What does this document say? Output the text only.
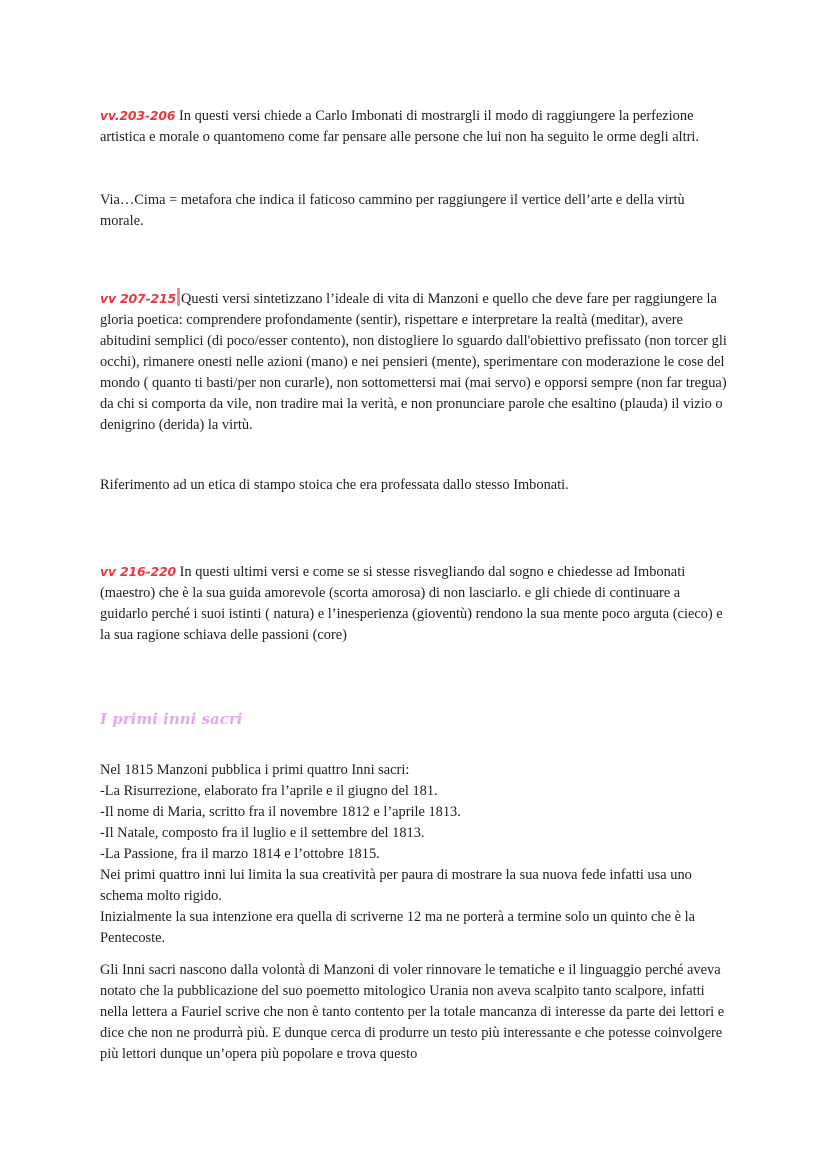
vv.203-206 In questi versi chiede a Carlo Imbonati di mostrargli il modo di raggiungere la perfezione artistica e morale o quantomeno come far pensare alle persone che lui non ha seguito le orme degli altri.

Via…Cima = metafora che indica il faticoso cammino per raggiungere il vertice dell’arte e della virtù morale.

vv 207-215 Questi versi sintetizzano l’ideale di vita di Manzoni e quello che deve fare per raggiungere la gloria poetica: comprendere profondamente (sentir), rispettare e interpretare la realtà (meditar), avere abitudini semplici (di poco/esser contento), non distogliere lo sguardo dall'obiettivo prefissato (non torcer gli occhi), rimanere onesti nelle azioni (mano) e nei pensieri (mente), sperimentare con moderazione le cose del mondo ( quanto ti basti/per non curarle), non sottomettersi mai (mai servo) e opporsi sempre (non far tregua) da chi si comporta da vile, non tradire mai la verità, e non pronunciare parole che esaltino (plauda) il vizio o denigrino (derida) la virtù.

Riferimento ad un etica di stampo stoica che era professata dallo stesso Imbonati.

vv 216-220 In questi ultimi versi e come se si stesse risvegliando dal sogno e chiedesse ad Imbonati (maestro) che è la sua guida amorevole (scorta amorosa) di non lasciarlo. e gli chiede di continuare a guidarlo perché i suoi istinti ( natura) e l’inesperienza (gioventù) rendono la sua mente poco arguta (cieco) e la sua ragione schiava delle passioni (core)

I primi inni sacri

Nel 1815 Manzoni pubblica i primi quattro Inni sacri:
-La Risurrezione, elaborato fra l’aprile e il giugno del 181.
-Il nome di Maria, scritto fra il novembre 1812 e l’aprile 1813.
-Il Natale, composto fra il luglio e il settembre del 1813.
-La Passione, fra il marzo 1814 e l’ottobre 1815.
Nei primi quattro inni lui limita la sua creatività per paura di mostrare la sua nuova fede infatti usa uno schema molto rigido.
Inizialmente la sua intenzione era quella di scriverne 12 ma ne porterà a termine solo un quinto che è la Pentecoste.

Gli Inni sacri nascono dalla volontà di Manzoni di voler rinnovare le tematiche e il linguaggio perché aveva notato che la pubblicazione del suo poemetto mitologico Urania non aveva scalpito tanto scalpore, infatti nella lettera a Fauriel scrive che non è tanto contento per la totale mancanza di interesse da parte dei lettori e dice che non ne produrrà più. E dunque cerca di produrre un testo più interessante e che potesse coinvolgere più lettori dunque un’opera più popolare e trova questo
